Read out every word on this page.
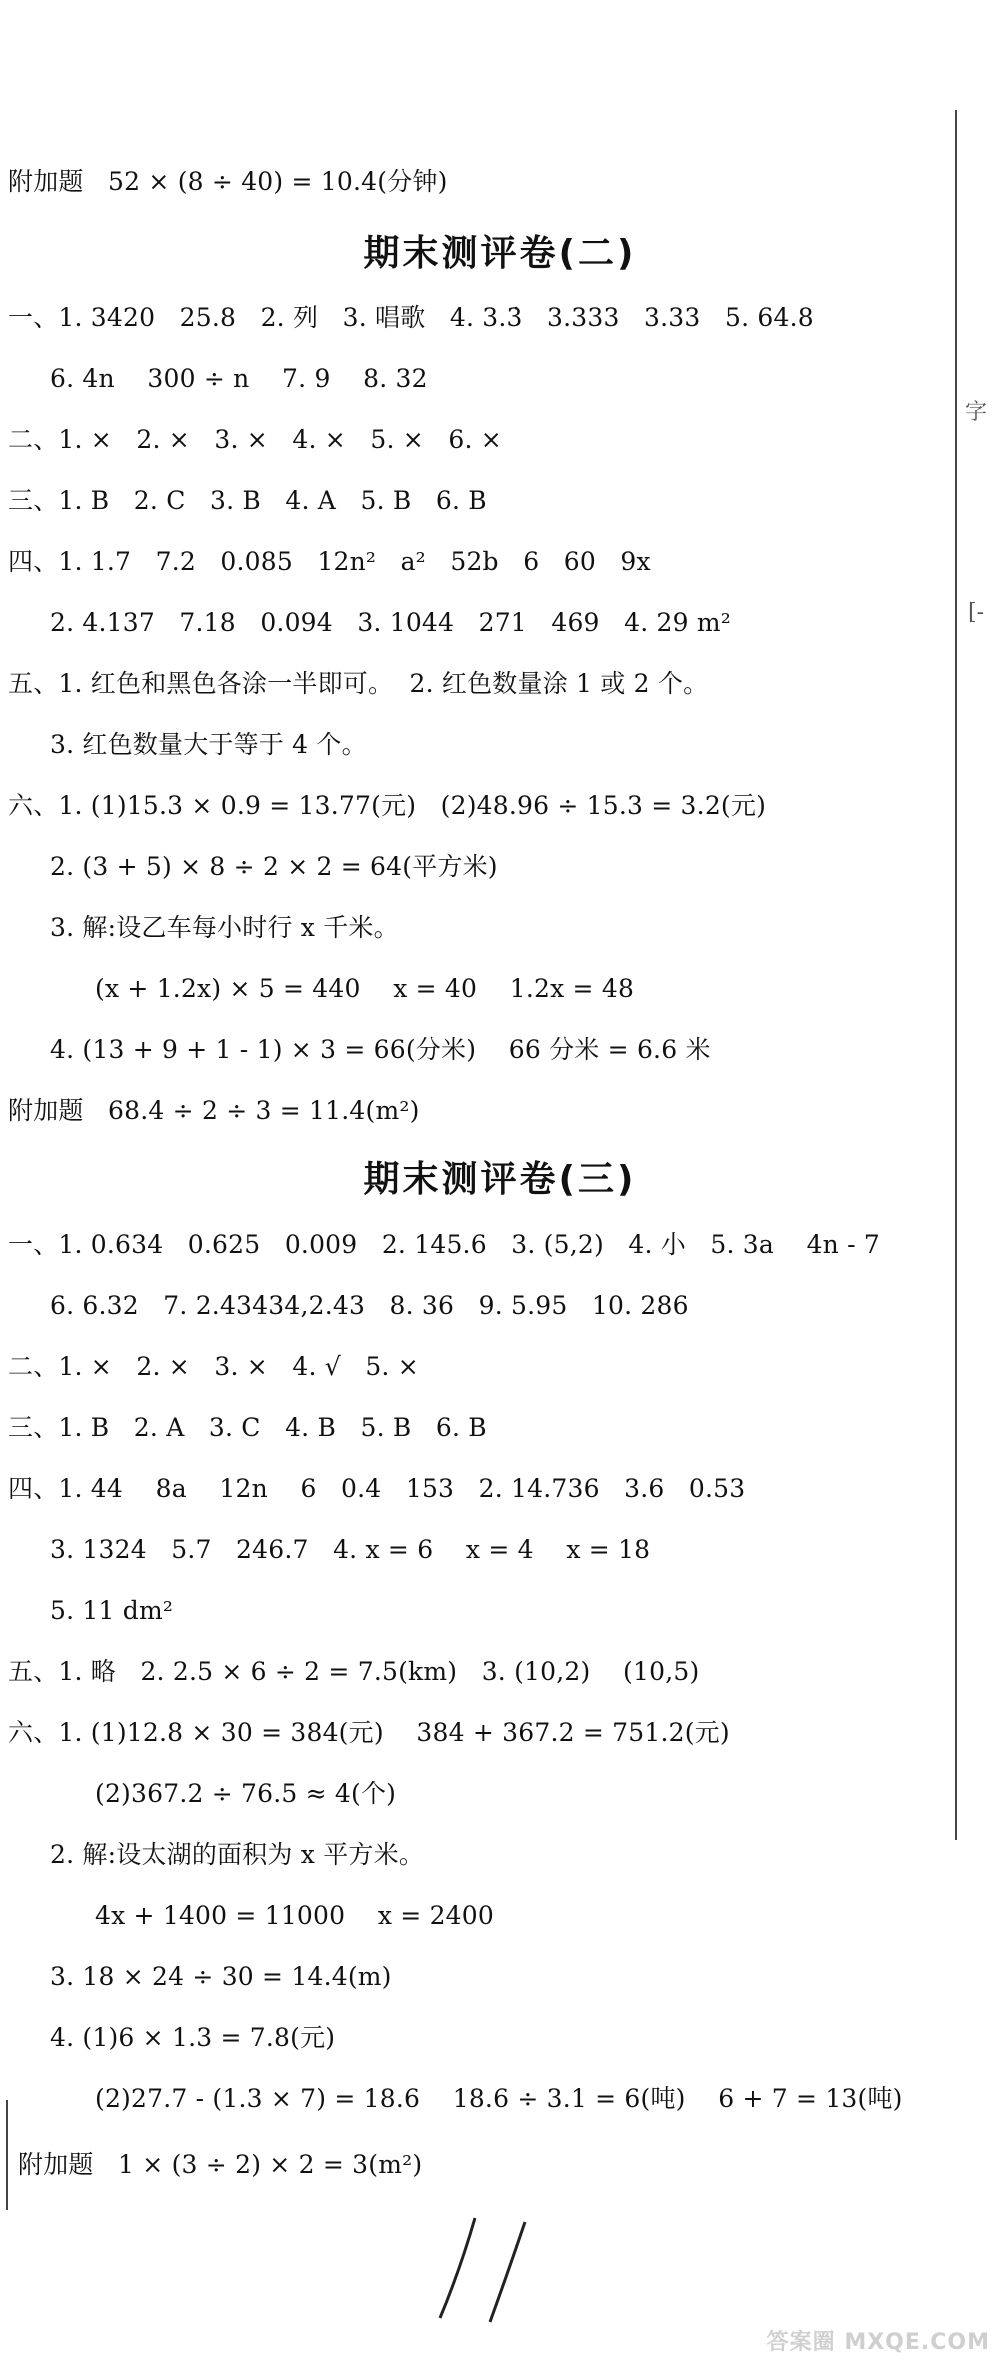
字
[-
附加题   52 × (8 ÷ 40) = 10.4(分钟)
期末测评卷(二)
一、1. 3420   25.8   2. 列   3. 唱歌   4. 3.3̇   3.333   3.33   5. 64.8
6. 4n    300 ÷ n    7. 9    8. 32
二、1. ×   2. ×   3. ×   4. ×   5. ×   6. ×
三、1. B   2. C   3. B   4. A   5. B   6. B
四、1. 1.7   7.2   0.085   12n²   a²   52b   6   60   9x
2. 4.137   7.18   0.094   3. 1044   271   469   4. 29 m²
五、1. 红色和黑色各涂一半即可。  2. 红色数量涂 1 或 2 个。
3. 红色数量大于等于 4 个。
六、1. (1)15.3 × 0.9 = 13.77(元)   (2)48.96 ÷ 15.3 = 3.2(元)
2. (3 + 5) × 8 ÷ 2 × 2 = 64(平方米)
3. 解:设乙车每小时行 x 千米。
(x + 1.2x) × 5 = 440    x = 40    1.2x = 48
4. (13 + 9 + 1 - 1) × 3 = 66(分米)    66 分米 = 6.6 米
附加题   68.4 ÷ 2 ÷ 3 = 11.4(m²)
期末测评卷(三)
一、1. 0.634   0.625   0.009   2. 145.6   3. (5,2)   4. 小   5. 3a    4n - 7
6. 6.32   7. 2.43434,2.43   8. 36   9. 5.95   10. 286
二、1. ×   2. ×   3. ×   4. √   5. ×
三、1. B   2. A   3. C   4. B   5. B   6. B
四、1. 44    8a    12n    6   0.4   153   2. 14.736   3.6   0.53
3. 1324   5.7   246.7   4. x = 6    x = 4    x = 18
5. 11 dm²
五、1. 略   2. 2.5 × 6 ÷ 2 = 7.5(km)   3. (10,2)    (10,5)
六、1. (1)12.8 × 30 = 384(元)    384 + 367.2 = 751.2(元)
(2)367.2 ÷ 76.5 ≈ 4(个)
2. 解:设太湖的面积为 x 平方米。
4x + 1400 = 11000    x = 2400
3. 18 × 24 ÷ 30 = 14.4(m)
4. (1)6 × 1.3 = 7.8(元)
(2)27.7 - (1.3 × 7) = 18.6    18.6 ÷ 3.1 = 6(吨)    6 + 7 = 13(吨)
附加题   1 × (3 ÷ 2) × 2 = 3(m²)
答案圈 MXQE.COM
